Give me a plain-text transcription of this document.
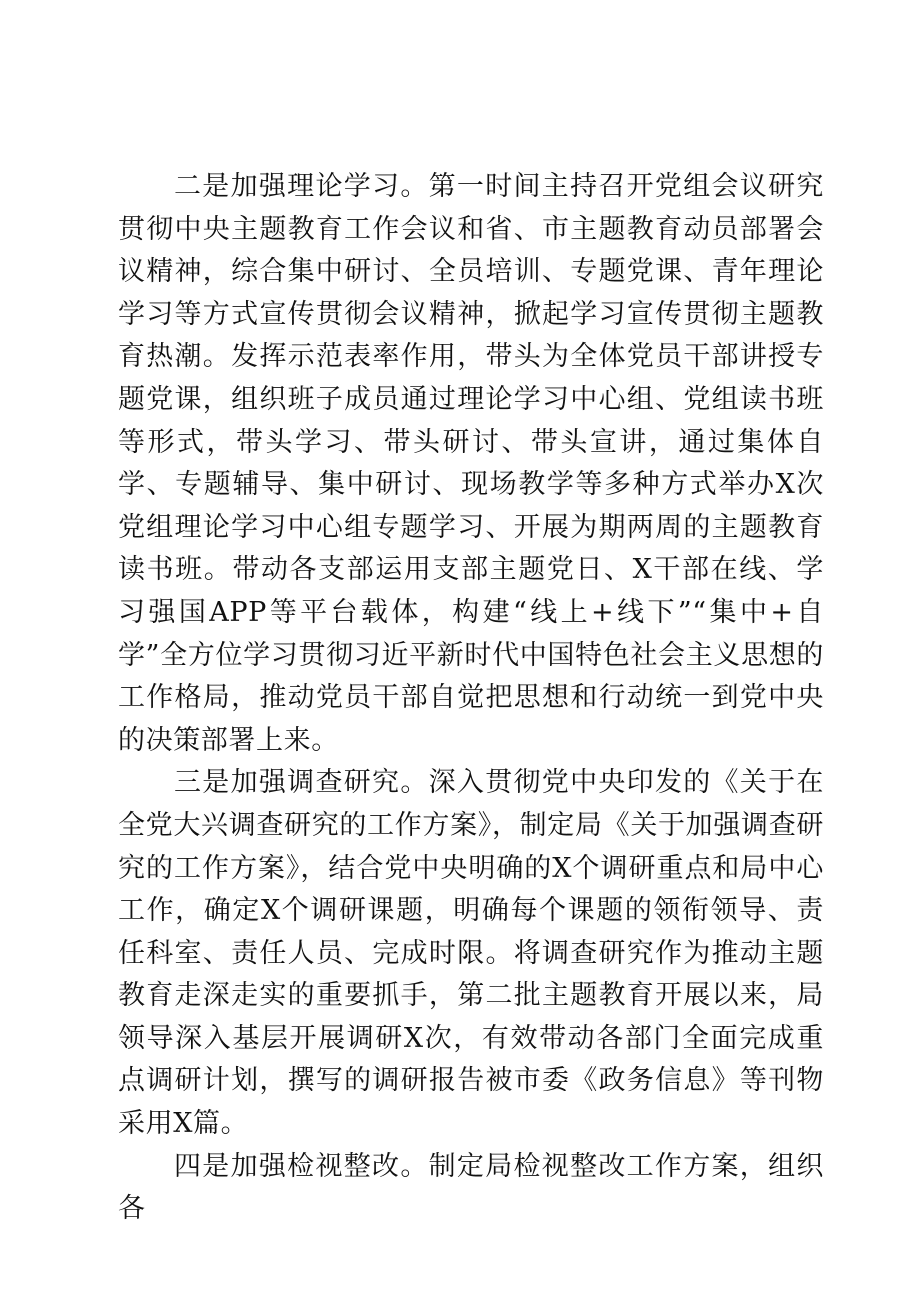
二是加强理论学习。第一时间主持召开党组会议研究贯彻中央主题教育工作会议和省、市主题教育动员部署会议精神，综合集中研讨、全员培训、专题党课、青年理论学习等方式宣传贯彻会议精神，掀起学习宣传贯彻主题教育热潮。发挥示范表率作用，带头为全体党员干部讲授专题党课，组织班子成员通过理论学习中心组、党组读书班等形式，带头学习、带头研讨、带头宣讲，通过集体自学、专题辅导、集中研讨、现场教学等多种方式举办X次党组理论学习中心组专题学习、开展为期两周的主题教育读书班。带动各支部运用支部主题党日、X干部在线、学习强国APP等平台载体，构建“线上+线下”“集中+自学”全方位学习贯彻习近平新时代中国特色社会主义思想的工作格局，推动党员干部自觉把思想和行动统一到党中央的决策部署上来。

三是加强调查研究。深入贯彻党中央印发的《关于在全党大兴调查研究的工作方案》，制定局《关于加强调查研究的工作方案》，结合党中央明确的X个调研重点和局中心工作，确定X个调研课题，明确每个课题的领衔领导、责任科室、责任人员、完成时限。将调查研究作为推动主题教育走深走实的重要抓手，第二批主题教育开展以来，局领导深入基层开展调研X次，有效带动各部门全面完成重点调研计划，撰写的调研报告被市委《政务信息》等刊物采用X篇。

四是加强检视整改。制定局检视整改工作方案，组织各
